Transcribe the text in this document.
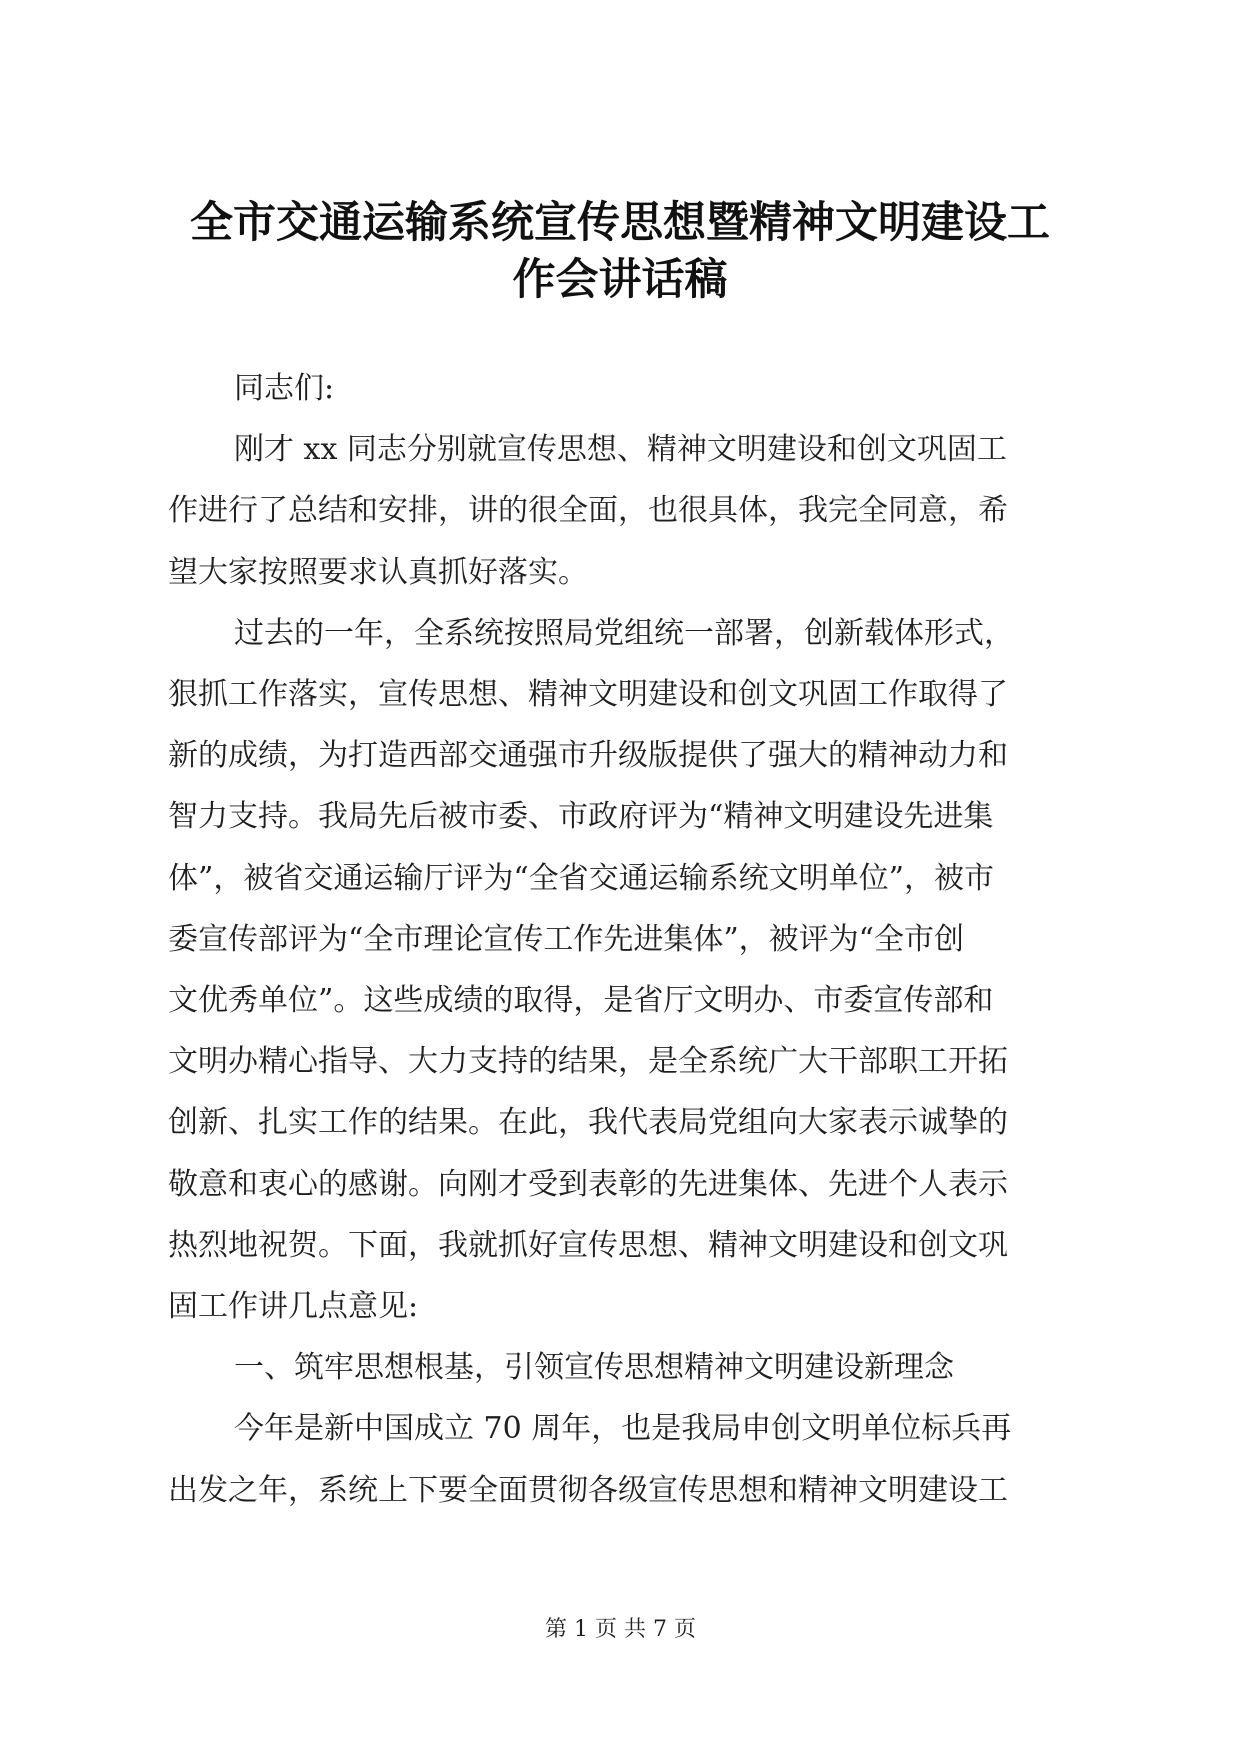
全市交通运输系统宣传思想暨精神文明建设工
作会讲话稿

同志们:

刚才 xx 同志分别就宣传思想、精神文明建设和创文巩固工
作进行了总结和安排，讲的很全面，也很具体，我完全同意，希
望大家按照要求认真抓好落实。

过去的一年，全系统按照局党组统一部署，创新载体形式，
狠抓工作落实，宣传思想、精神文明建设和创文巩固工作取得了
新的成绩，为打造西部交通强市升级版提供了强大的精神动力和
智力支持。我局先后被市委、市政府评为“精神文明建设先进集
体”，被省交通运输厅评为“全省交通运输系统文明单位”，被市
委宣传部评为“全市理论宣传工作先进集体”，被评为“全市创
文优秀单位”。这些成绩的取得，是省厅文明办、市委宣传部和
文明办精心指导、大力支持的结果，是全系统广大干部职工开拓
创新、扎实工作的结果。在此，我代表局党组向大家表示诚挚的
敬意和衷心的感谢。向刚才受到表彰的先进集体、先进个人表示
热烈地祝贺。下面，我就抓好宣传思想、精神文明建设和创文巩
固工作讲几点意见:

一、筑牢思想根基，引领宣传思想精神文明建设新理念

今年是新中国成立 70 周年，也是我局申创文明单位标兵再
出发之年，系统上下要全面贯彻各级宣传思想和精神文明建设工

第 1 页 共 7 页
